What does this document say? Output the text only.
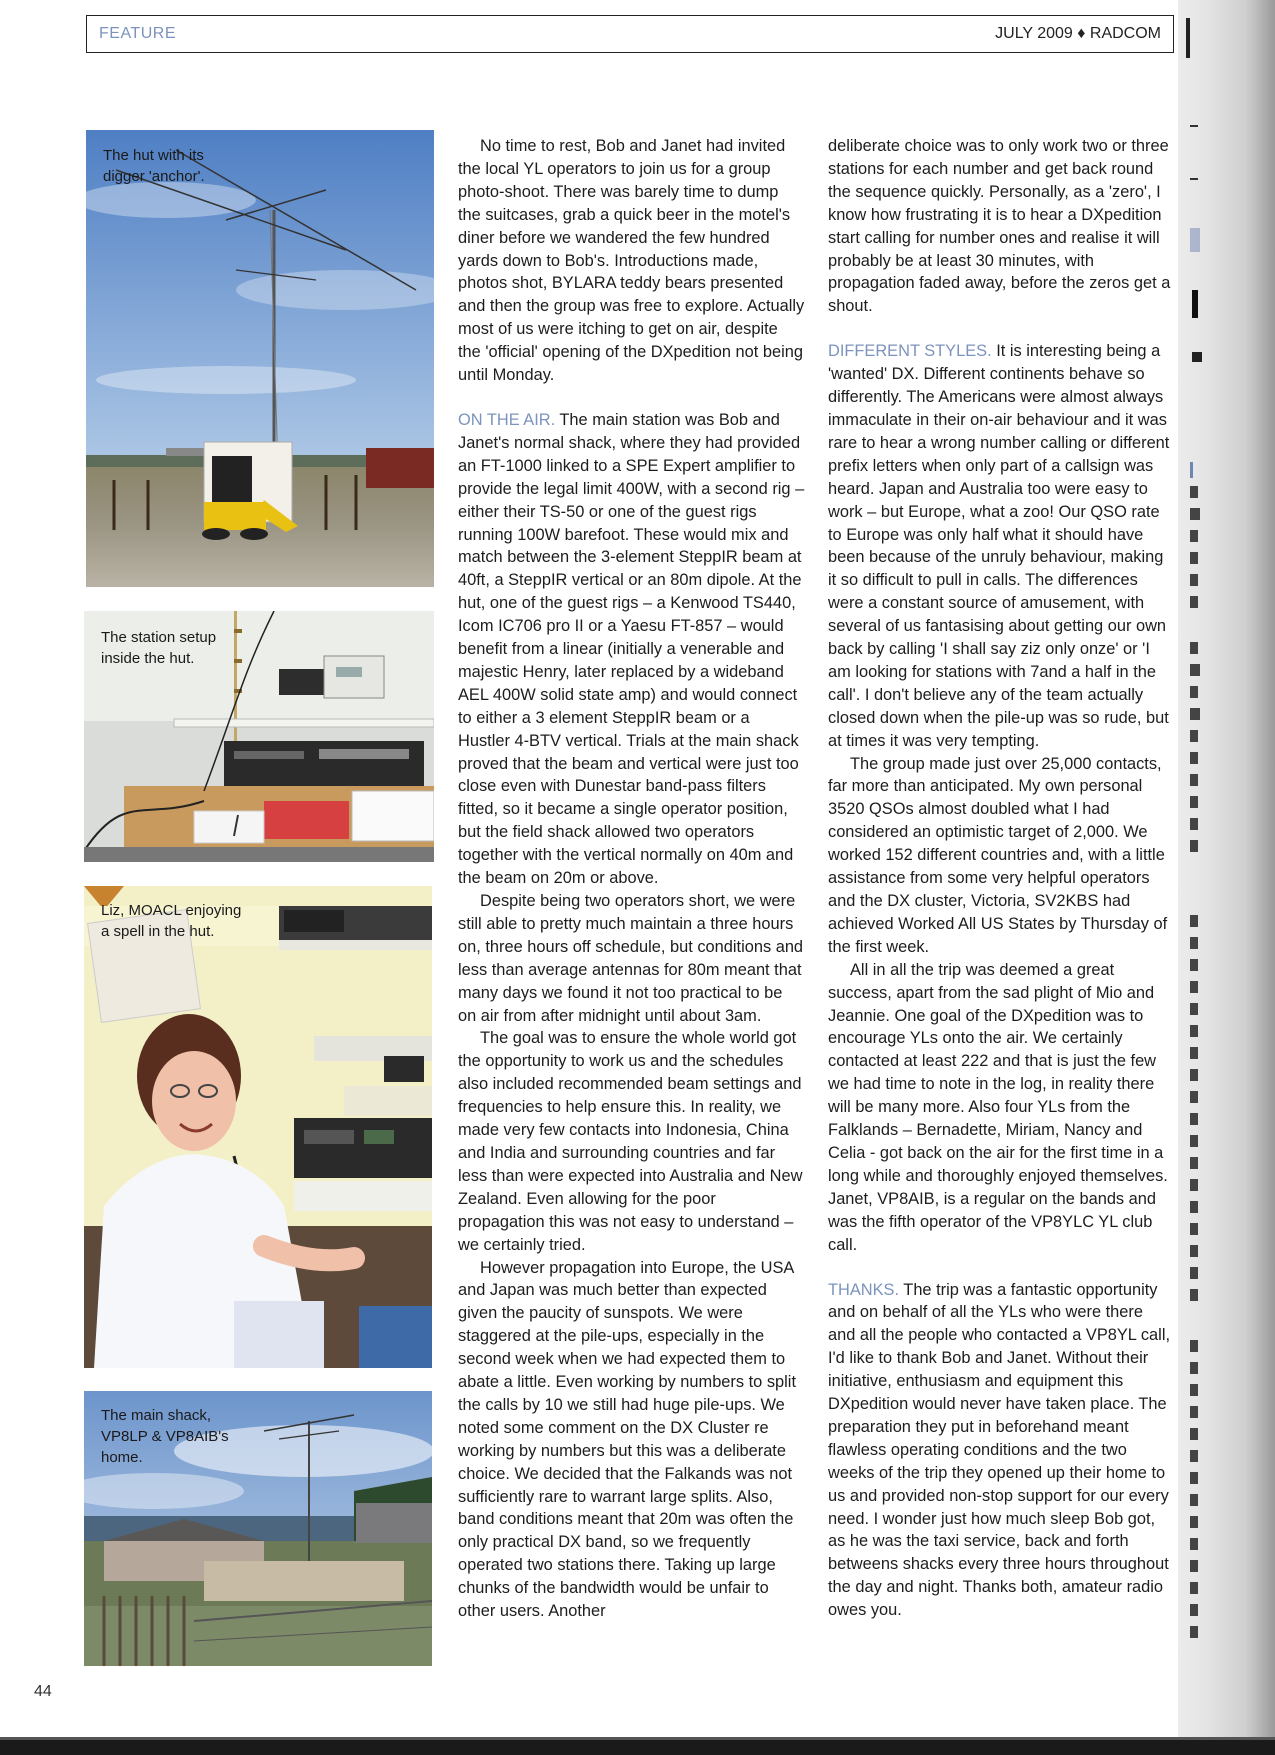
FEATURE	JULY 2009 ♦ RADCOM
The hut with its
digger 'anchor'.
The station setup
inside the hut.
Liz, MOACL enjoying
a spell in the hut.
The main shack,
VP8LP & VP8AIB's
home.

No time to rest, Bob and Janet had invited the local YL operators to join us for a group photo-shoot. There was barely time to dump the suitcases, grab a quick beer in the motel's diner before we wandered the few hundred yards down to Bob's. Introductions made, photos shot, BYLARA teddy bears presented and then the group was free to explore. Actually most of us were itching to get on air, despite the 'official' opening of the DXpedition not being until Monday.

ON THE AIR. The main station was Bob and Janet's normal shack, where they had provided an FT-1000 linked to a SPE Expert amplifier to provide the legal limit 400W, with a second rig – either their TS-50 or one of the guest rigs running 100W barefoot. These would mix and match between the 3-element SteppIR beam at 40ft, a SteppIR vertical or an 80m dipole. At the hut, one of the guest rigs – a Kenwood TS440, Icom IC706 pro II or a Yaesu FT-857 – would benefit from a linear (initially a venerable and majestic Henry, later replaced by a wideband AEL 400W solid state amp) and would connect to either a 3 element SteppIR beam or a Hustler 4-BTV vertical. Trials at the main shack proved that the beam and vertical were just too close even with Dunestar band-pass filters fitted, so it became a single operator position, but the field shack allowed two operators together with the vertical normally on 40m and the beam on 20m or above.

Despite being two operators short, we were still able to pretty much maintain a three hours on, three hours off schedule, but conditions and less than average antennas for 80m meant that many days we found it not too practical to be on air from after midnight until about 3am.

The goal was to ensure the whole world got the opportunity to work us and the schedules also included recommended beam settings and frequencies to help ensure this. In reality, we made very few contacts into Indonesia, China and India and surrounding countries and far less than were expected into Australia and New Zealand. Even allowing for the poor propagation this was not easy to understand – we certainly tried.

However propagation into Europe, the USA and Japan was much better than expected given the paucity of sunspots. We were staggered at the pile-ups, especially in the second week when we had expected them to abate a little. Even working by numbers to split the calls by 10 we still had huge pile-ups. We noted some comment on the DX Cluster re working by numbers but this was a deliberate choice. We decided that the Falkands was not sufficiently rare to warrant large splits. Also, band conditions meant that 20m was often the only practical DX band, so we frequently operated two stations there. Taking up large chunks of the bandwidth would be unfair to other users. Another

deliberate choice was to only work two or three stations for each number and get back round the sequence quickly. Personally, as a 'zero', I know how frustrating it is to hear a DXpedition start calling for number ones and realise it will probably be at least 30 minutes, with propagation faded away, before the zeros get a shout.

DIFFERENT STYLES. It is interesting being a 'wanted' DX. Different continents behave so differently. The Americans were almost always immaculate in their on-air behaviour and it was rare to hear a wrong number calling or different prefix letters when only part of a callsign was heard. Japan and Australia too were easy to work – but Europe, what a zoo! Our QSO rate to Europe was only half what it should have been because of the unruly behaviour, making it so difficult to pull in calls. The differences were a constant source of amusement, with several of us fantasising about getting our own back by calling 'I shall say ziz only onze' or 'I am looking for stations with 7and a half in the call'. I don't believe any of the team actually closed down when the pile-up was so rude, but at times it was very tempting.

The group made just over 25,000 contacts, far more than anticipated. My own personal 3520 QSOs almost doubled what I had considered an optimistic target of 2,000. We worked 152 different countries and, with a little assistance from some very helpful operators and the DX cluster, Victoria, SV2KBS had achieved Worked All US States by Thursday of the first week.

All in all the trip was deemed a great success, apart from the sad plight of Mio and Jeannie. One goal of the DXpedition was to encourage YLs onto the air. We certainly contacted at least 222 and that is just the few we had time to note in the log, in reality there will be many more. Also four YLs from the Falklands – Bernadette, Miriam, Nancy and Celia - got back on the air for the first time in a long while and thoroughly enjoyed themselves. Janet, VP8AIB, is a regular on the bands and was the fifth operator of the VP8YLC YL club call.

THANKS. The trip was a fantastic opportunity and on behalf of all the YLs who were there and all the people who contacted a VP8YL call, I'd like to thank Bob and Janet. Without their initiative, enthusiasm and equipment this DXpedition would never have taken place. The preparation they put in beforehand meant flawless operating conditions and the two weeks of the trip they opened up their home to us and provided non-stop support for our every need. I wonder just how much sleep Bob got, as he was the taxi service, back and forth betweens shacks every three hours throughout the day and night. Thanks both, amateur radio owes you.

44
